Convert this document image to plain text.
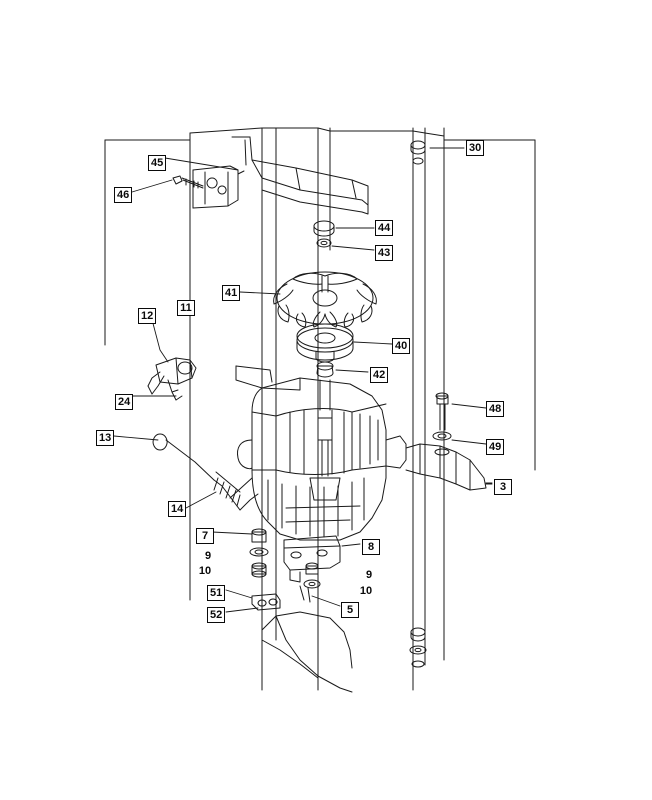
30
45
46
44
43
41
11
12
40
42
24
48
13
49
3
14
7
8
9
10	9
10
51
52	5
